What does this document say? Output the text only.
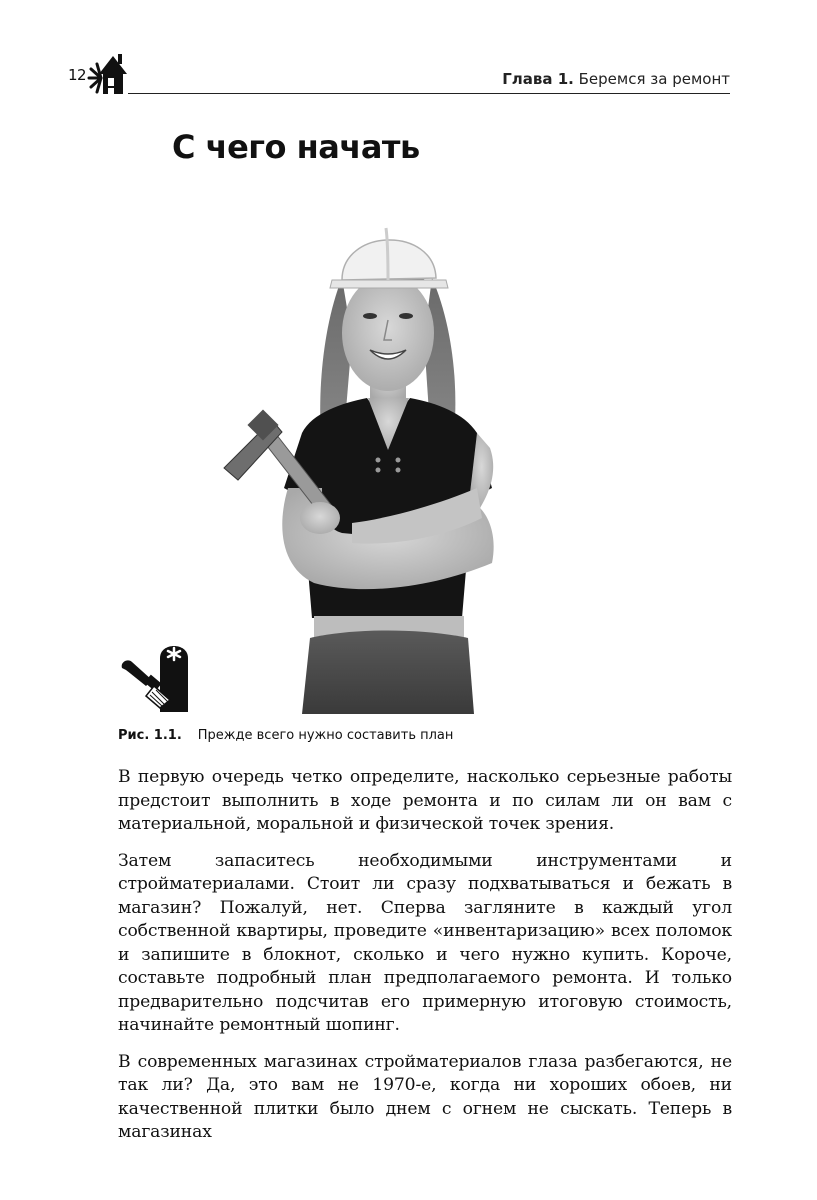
12	Глава 1. Беремся за ремонт
С чего начать
Рис. 1.1. Прежде всего нужно составить план

В первую очередь четко определите, насколько серьезные работы предстоит выполнить в ходе ремонта и по силам ли он вам с материальной, моральной и физической точек зрения.

Затем запаситесь необходимыми инструментами и стройматериалами. Стоит ли сразу подхватываться и бежать в магазин? Пожалуй, нет. Сперва загляните в каждый угол собственной квартиры, проведите «инвентаризацию» всех поломок и запишите в блокнот, сколько и чего нужно купить. Короче, составьте подробный план предполагаемого ремонта. И только предварительно подсчитав его примерную итоговую стоимость, начинайте ремонтный шопинг.

В современных магазинах стройматериалов глаза разбегаются, не так ли? Да, это вам не 1970-е, когда ни хороших обоев, ни качественной плитки было днем с огнем не сыскать. Теперь в магазинах
